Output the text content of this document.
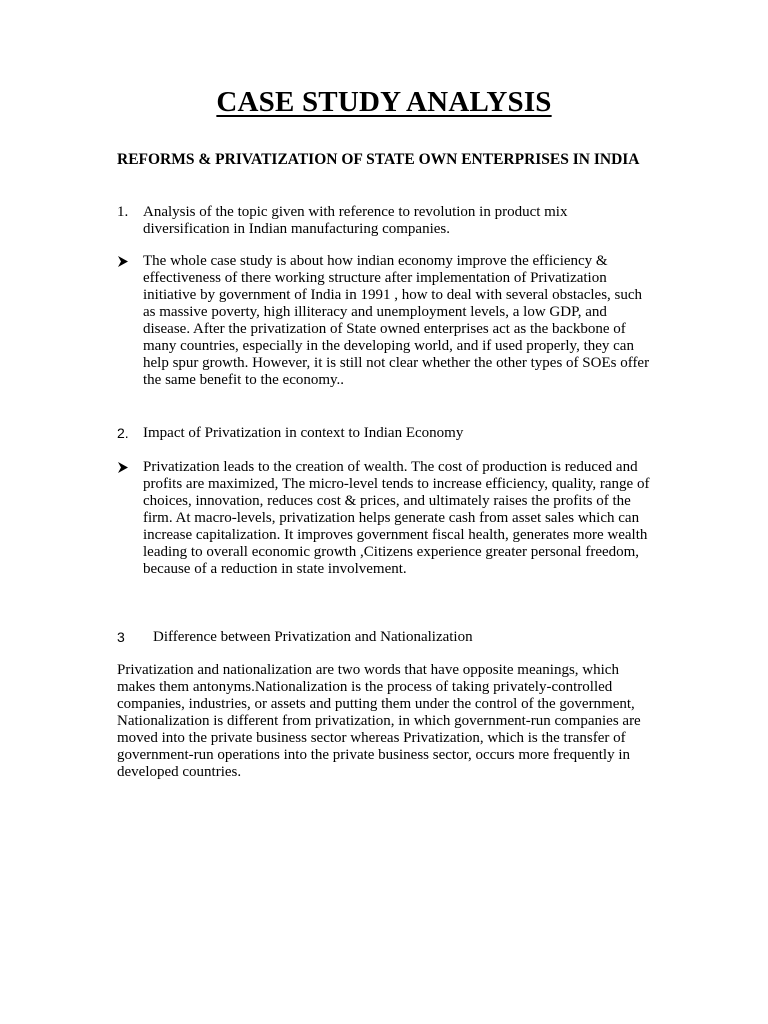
CASE STUDY ANALYSIS
REFORMS & PRIVATIZATION OF STATE OWN ENTERPRISES IN INDIA
1. Analysis of the topic given with reference to revolution in product mix diversification in Indian manufacturing companies.
The whole case study is about how indian economy improve the efficiency & effectiveness of there working structure after implementation of Privatization initiative by government of India in 1991 , how to deal with several obstacles, such as massive poverty, high illiteracy and unemployment levels, a low GDP, and disease. After the privatization of State owned enterprises act as the backbone of many countries, especially in the developing world, and if used properly, they can help spur growth. However, it is still not clear whether the other types of SOEs offer the same benefit to the economy..
2. Impact of Privatization in context to Indian Economy
Privatization leads to the creation of wealth. The cost of production is reduced and profits are maximized, The micro-level tends to increase efficiency, quality, range of choices, innovation, reduces cost & prices, and ultimately raises the profits of the firm. At macro-levels, privatization helps generate cash from asset sales which can increase capitalization. It improves government fiscal health, generates more wealth leading to overall economic growth ,Citizens experience greater personal freedom, because of a reduction in state involvement.
3 Difference between Privatization and Nationalization

Privatization and nationalization are two words that have opposite meanings, which makes them antonyms.Nationalization is the process of taking privately-controlled companies, industries, or assets and putting them under the control of the government, Nationalization is different from privatization, in which government-run companies are moved into the private business sector whereas Privatization, which is the transfer of government-run operations into the private business sector, occurs more frequently in developed countries.
